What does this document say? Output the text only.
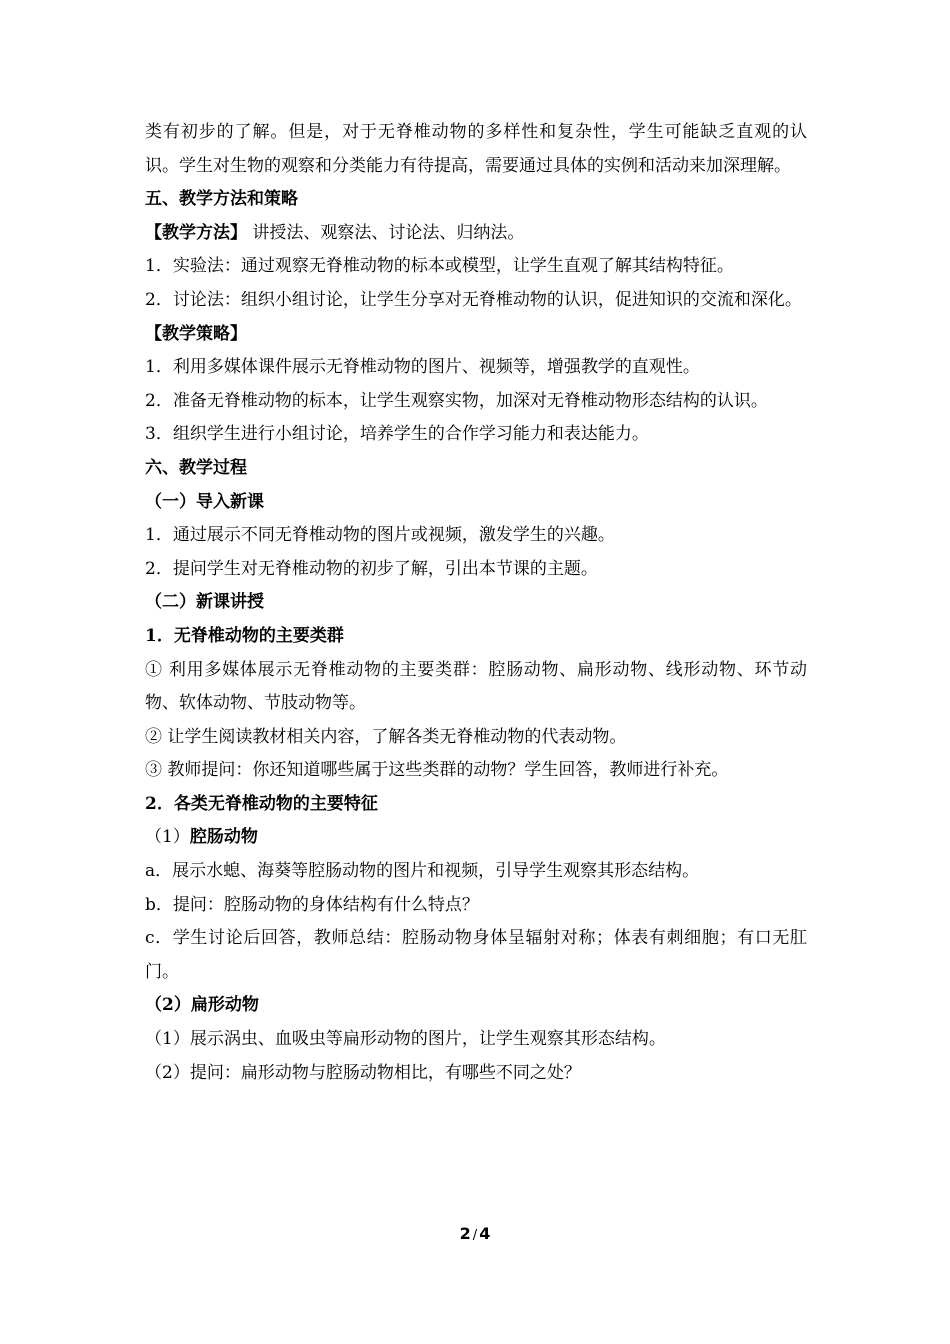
类有初步的了解。但是，对于无脊椎动物的多样性和复杂性，学生可能缺乏直观的认识。学生对生物的观察和分类能力有待提高，需要通过具体的实例和活动来加深理解。

五、教学方法和策略

【教学方法】 讲授法、观察法、讨论法、归纳法。

1．实验法：通过观察无脊椎动物的标本或模型，让学生直观了解其结构特征。

2．讨论法：组织小组讨论，让学生分享对无脊椎动物的认识，促进知识的交流和深化。

【教学策略】

1．利用多媒体课件展示无脊椎动物的图片、视频等，增强教学的直观性。

2．准备无脊椎动物的标本，让学生观察实物，加深对无脊椎动物形态结构的认识。

3．组织学生进行小组讨论，培养学生的合作学习能力和表达能力。

六、教学过程

（一）导入新课

1．通过展示不同无脊椎动物的图片或视频，激发学生的兴趣。

2．提问学生对无脊椎动物的初步了解，引出本节课的主题。

（二）新课讲授

1．无脊椎动物的主要类群

① 利用多媒体展示无脊椎动物的主要类群：腔肠动物、扁形动物、线形动物、环节动物、软体动物、节肢动物等。

② 让学生阅读教材相关内容，了解各类无脊椎动物的代表动物。

③ 教师提问：你还知道哪些属于这些类群的动物？学生回答，教师进行补充。

2．各类无脊椎动物的主要特征

（1）腔肠动物

a．展示水螅、海葵等腔肠动物的图片和视频，引导学生观察其形态结构。

b．提问：腔肠动物的身体结构有什么特点？

c．学生讨论后回答，教师总结：腔肠动物身体呈辐射对称；体表有刺细胞；有口无肛门。

（2）扁形动物

（1）展示涡虫、血吸虫等扁形动物的图片，让学生观察其形态结构。

（2）提问：扁形动物与腔肠动物相比，有哪些不同之处？

2 / 4
